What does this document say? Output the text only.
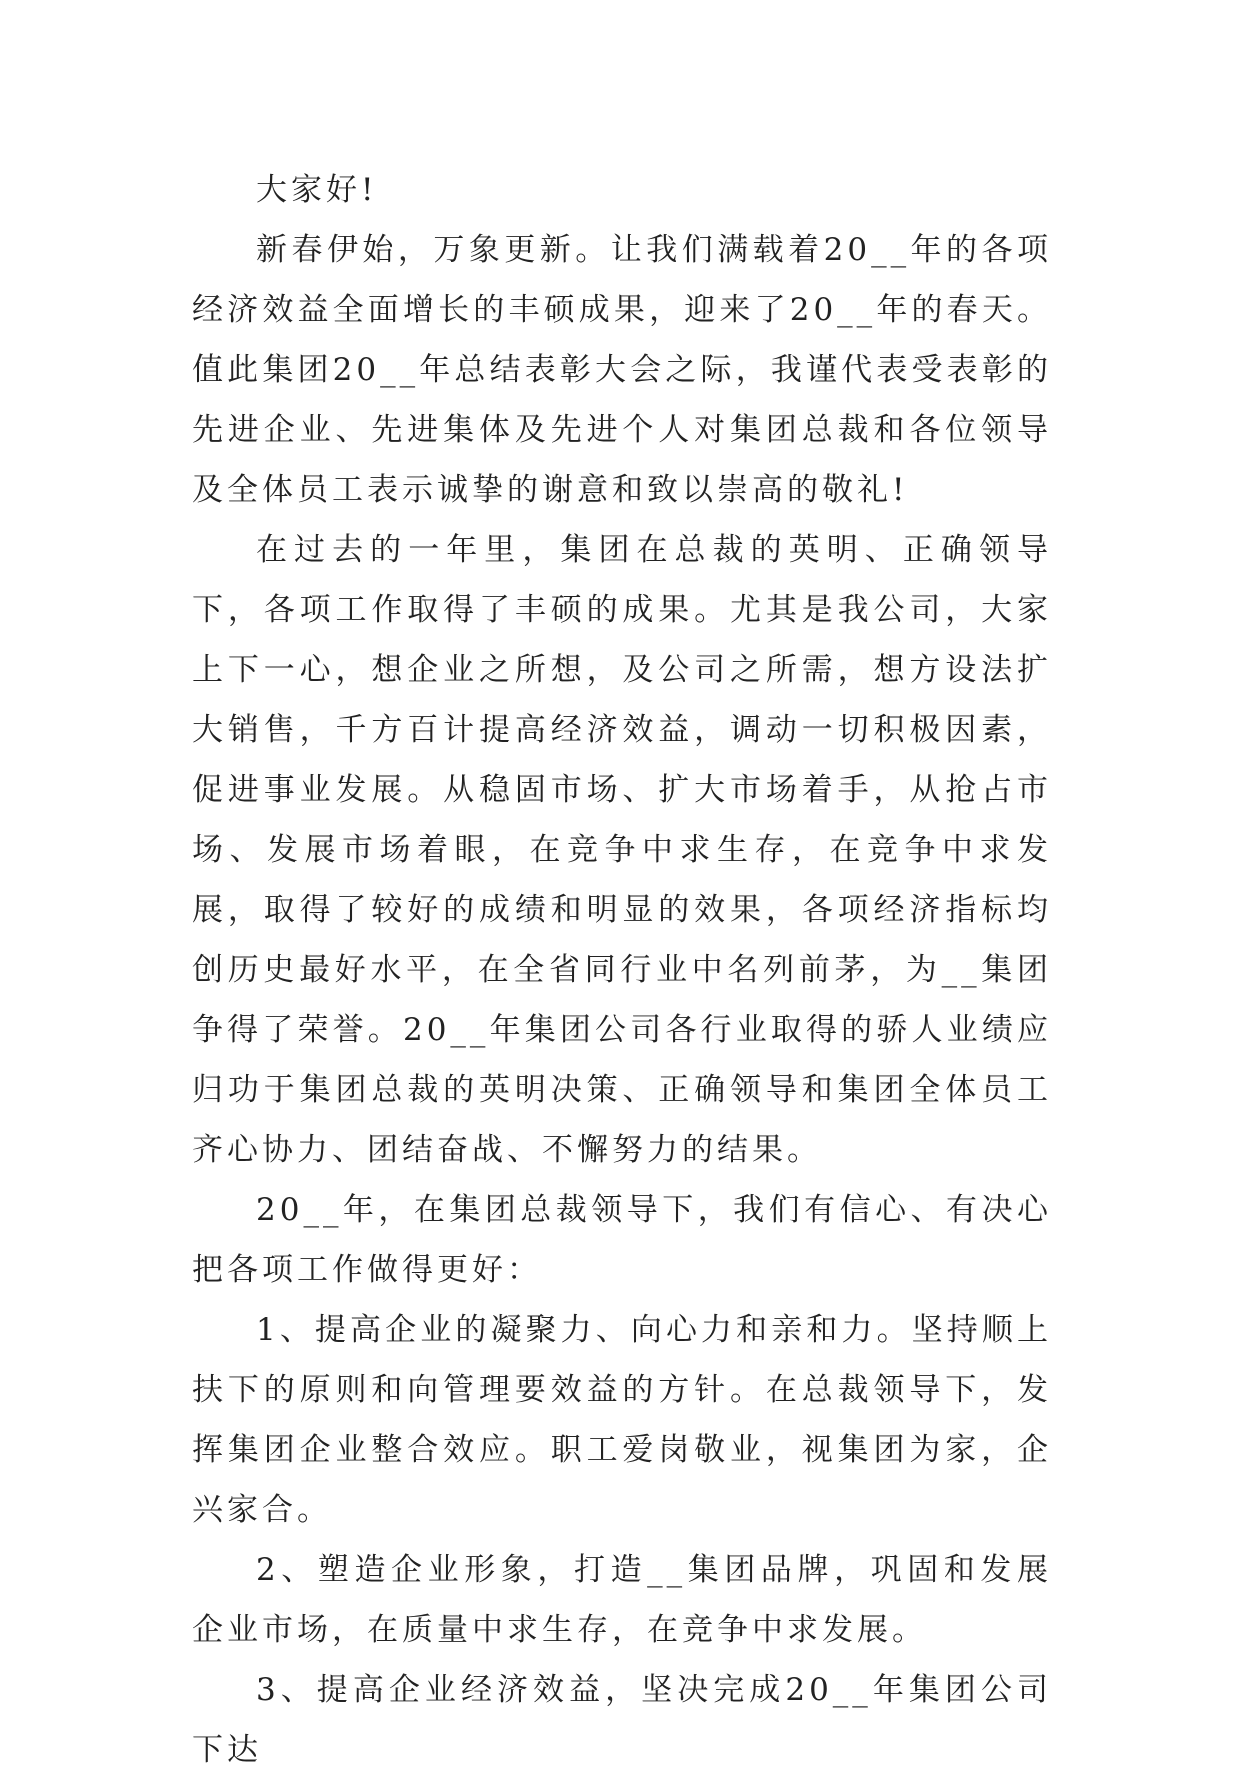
大家好!

新春伊始，万象更新。让我们满载着20__年的各项经济效益全面增长的丰硕成果，迎来了20__年的春天。值此集团20__年总结表彰大会之际，我谨代表受表彰的先进企业、先进集体及先进个人对集团总裁和各位领导及全体员工表示诚挚的谢意和致以崇高的敬礼!

在过去的一年里，集团在总裁的英明、正确领导下，各项工作取得了丰硕的成果。尤其是我公司，大家上下一心，想企业之所想，及公司之所需，想方设法扩大销售，千方百计提高经济效益，调动一切积极因素，促进事业发展。从稳固市场、扩大市场着手，从抢占市场、发展市场着眼，在竞争中求生存，在竞争中求发展，取得了较好的成绩和明显的效果，各项经济指标均创历史最好水平，在全省同行业中名列前茅，为__集团争得了荣誉。20__年集团公司各行业取得的骄人业绩应归功于集团总裁的英明决策、正确领导和集团全体员工齐心协力、团结奋战、不懈努力的结果。

20__年，在集团总裁领导下，我们有信心、有决心把各项工作做得更好：

1、提高企业的凝聚力、向心力和亲和力。坚持顺上扶下的原则和向管理要效益的方针。在总裁领导下，发挥集团企业整合效应。职工爱岗敬业，视集团为家，企兴家合。

2、塑造企业形象，打造__集团品牌，巩固和发展企业市场，在质量中求生存，在竞争中求发展。

3、提高企业经济效益，坚决完成20__年集团公司下达
